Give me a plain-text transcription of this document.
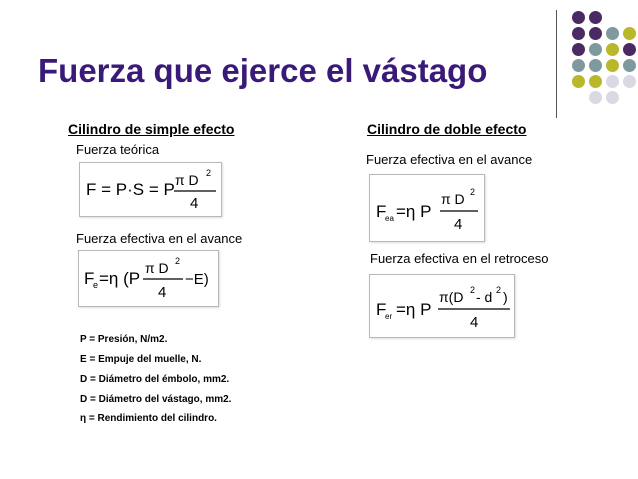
Fuerza que ejerce el vástago
Cilindro de simple efecto
Fuerza teórica
F = P·S = P π D 2
4
Fuerza efectiva en el avance
F
e =η (P
π D 2
4
−E)
P = Presión, N/m2.
E = Empuje del muelle, N.
D = Diámetro del émbolo, mm2.
D = Diámetro del vástago, mm2.
η = Rendimiento del cilindro.
Cilindro de doble efecto
Fuerza efectiva en el avance
F
ea =η P
π D 2
4
Fuerza efectiva en el retroceso
F
er =η P
π(D 2 - d 2 )
4
